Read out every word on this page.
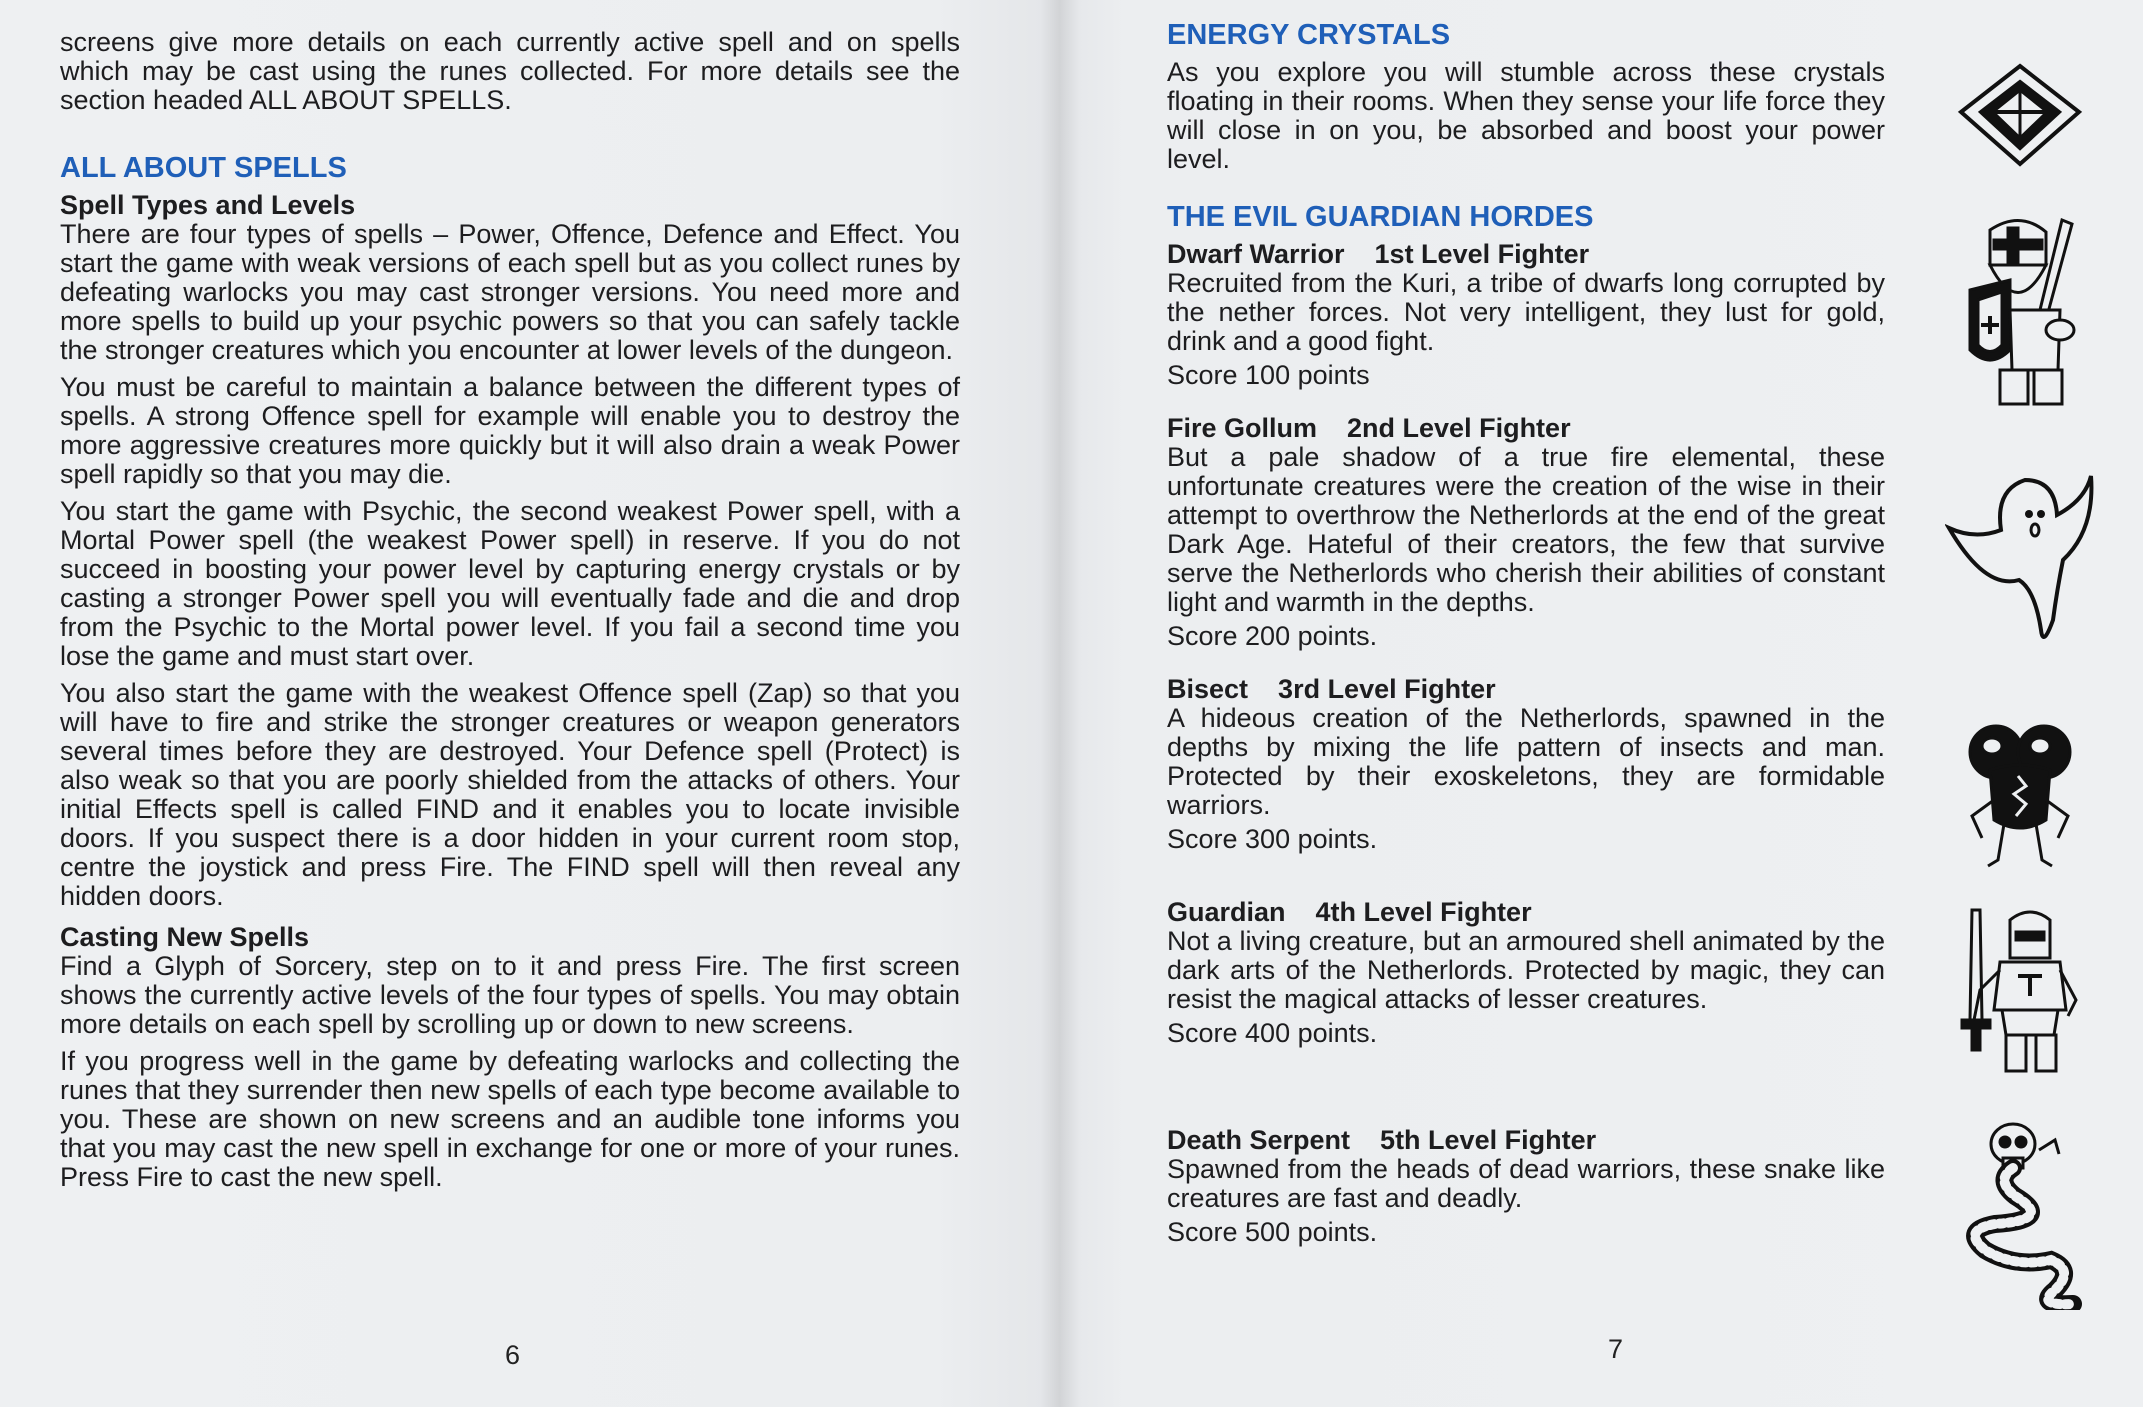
screens give more details on each currently active spell and on spells which may be cast using the runes collected. For more details see the section headed ALL ABOUT SPELLS.

ALL ABOUT SPELLS
Spell Types and Levels

There are four types of spells – Power, Offence, Defence and Effect. You start the game with weak versions of each spell but as you collect runes by defeating warlocks you may cast stronger versions. You need more and more spells to build up your psychic powers so that you can safely tackle the stronger creatures which you encounter at lower levels of the dungeon.

You must be careful to maintain a balance between the different types of spells. A strong Offence spell for example will enable you to destroy the more aggressive creatures more quickly but it will also drain a weak Power spell rapidly so that you may die.

You start the game with Psychic, the second weakest Power spell, with a Mortal Power spell (the weakest Power spell) in reserve. If you do not succeed in boosting your power level by capturing energy crystals or by casting a stronger Power spell you will eventually fade and die and drop from the Psychic to the Mortal power level. If you fail a second time you lose the game and must start over.

You also start the game with the weakest Offence spell (Zap) so that you will have to fire and strike the stronger creatures or weapon generators several times before they are destroyed. Your Defence spell (Protect) is also weak so that you are poorly shielded from the attacks of others. Your initial Effects spell is called FIND and it enables you to locate invisible doors. If you suspect there is a door hidden in your current room stop, centre the joystick and press Fire. The FIND spell will then reveal any hidden doors.

Casting New Spells

Find a Glyph of Sorcery, step on to it and press Fire. The first screen shows the currently active levels of the four types of spells. You may obtain more details on each spell by scrolling up or down to new screens.

If you progress well in the game by defeating warlocks and collecting the runes that they surrender then new spells of each type become available to you. These are shown on new screens and an audible tone informs you that you may cast the new spell in exchange for one or more of your runes. Press Fire to cast the new spell.

6
ENERGY CRYSTALS

As you explore you will stumble across these crystals floating in their rooms. When they sense your life force they will close in on you, be absorbed and boost your power level.

THE EVIL GUARDIAN HORDES
Dwarf Warrior 1st Level Fighter

Recruited from the Kuri, a tribe of dwarfs long corrupted by the nether forces. Not very intelligent, they lust for gold, drink and a good fight.

Score 100 points
Fire Gollum 2nd Level Fighter

But a pale shadow of a true fire elemental, these unfortunate creatures were the creation of the wise in their attempt to overthrow the Netherlords at the end of the great Dark Age. Hateful of their creators, the few that survive serve the Netherlords who cherish their abilities of constant light and warmth in the depths.

Score 200 points.
Bisect 3rd Level Fighter

A hideous creation of the Netherlords, spawned in the depths by mixing the life pattern of insects and man. Protected by their exoskeletons, they are formidable warriors.

Score 300 points.
Guardian 4th Level Fighter

Not a living creature, but an armoured shell animated by the dark arts of the Netherlords. Protected by magic, they can resist the magical attacks of lesser creatures.

Score 400 points.
Death Serpent 5th Level Fighter

Spawned from the heads of dead warriors, these snake like creatures are fast and deadly.

Score 500 points.
7
